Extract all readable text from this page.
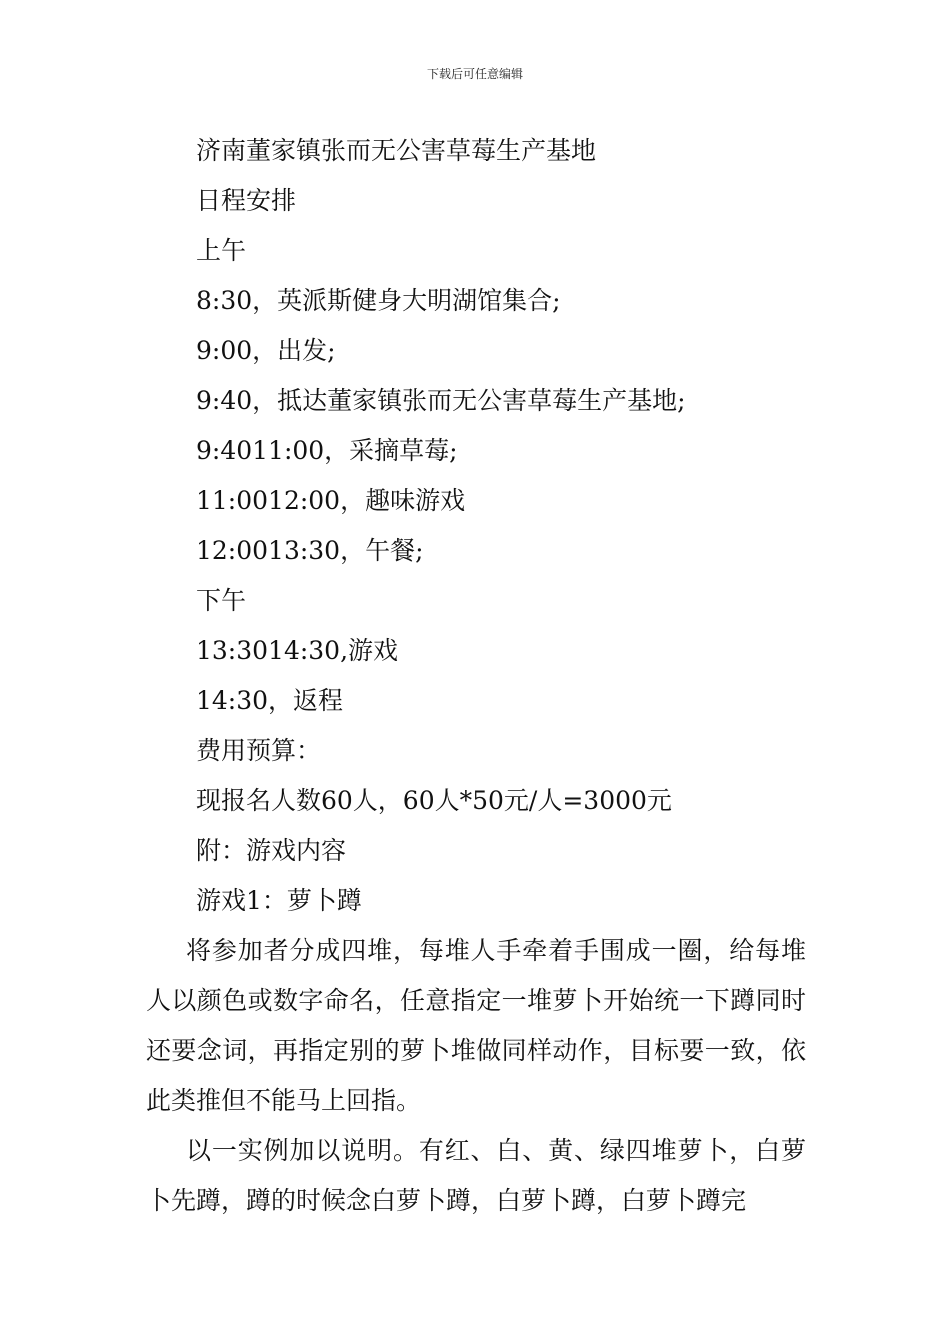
下载后可任意编辑
济南董家镇张而无公害草莓生产基地
日程安排
上午
8:30，英派斯健身大明湖馆集合;
9:00，出发;
9:40，抵达董家镇张而无公害草莓生产基地;
9:4011:00，采摘草莓;
11:0012:00，趣味游戏
12:0013:30，午餐;
下午
13:3014:30,游戏
14:30，返程
费用预算：
现报名人数60人，60人*50元/人=3000元
附：游戏内容
游戏1：萝卜蹲

将参加者分成四堆，每堆人手牵着手围成一圈，给每堆人以颜色或数字命名，任意指定一堆萝卜开始统一下蹲同时还要念词，再指定别的萝卜堆做同样动作，目标要一致，依此类推但不能马上回指。

以一实例加以说明。有红、白、黄、绿四堆萝卜，白萝卜先蹲，蹲的时候念白萝卜蹲，白萝卜蹲，白萝卜蹲完
